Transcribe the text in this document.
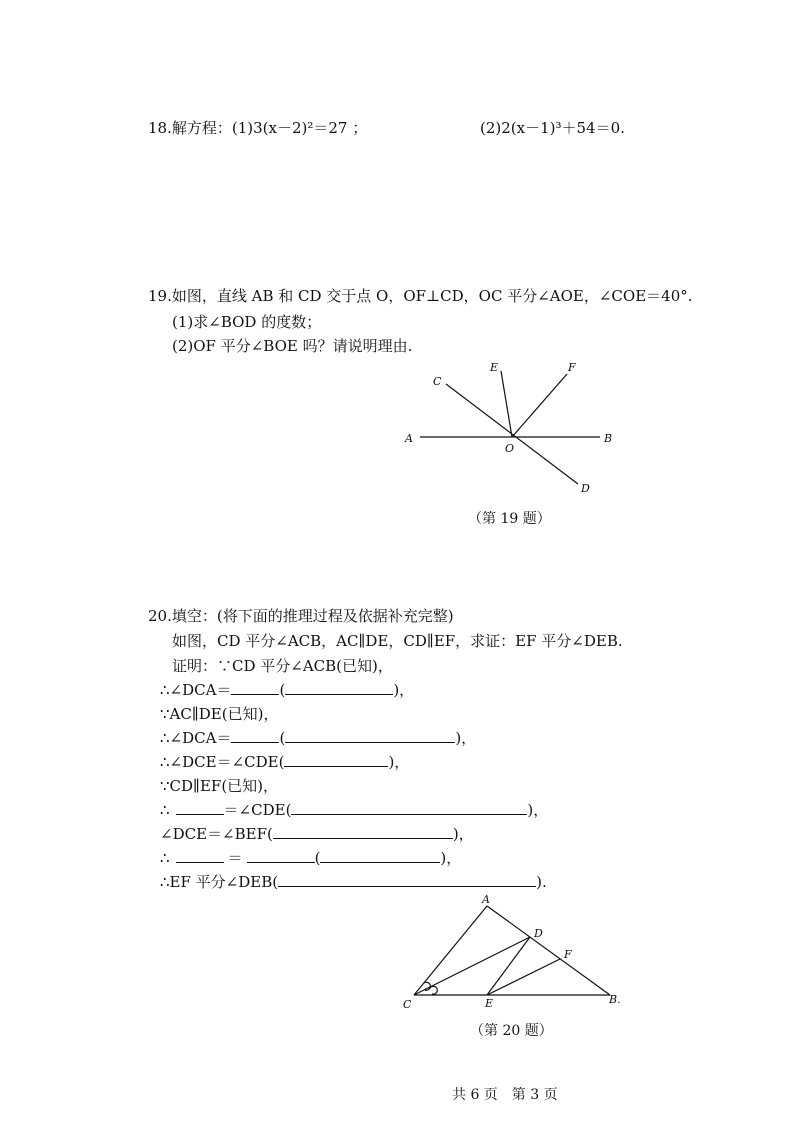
18.解方程：(1)3(x－2)²＝27 ；	(2)2(x－1)³＋54＝0.
19.如图，直线 AB 和 CD 交于点 O，OF⊥CD，OC 平分∠AOE，∠COE＝40°.
(1)求∠BOD 的度数；
(2)OF 平分∠BOE 吗？请说明理由.
C
E	F
A
O
B
D
（第 19 题）
20.填空：(将下面的推理过程及依据补充完整)
如图，CD 平分∠ACB，AC∥DE，CD∥EF，求证：EF 平分∠DEB.
证明：∵CD 平分∠ACB(已知)，
∴∠DCA＝	(	)，
∵AC∥DE(已知)，
∴∠DCA＝	(	)，
∴∠DCE＝∠CDE(	)，
∵CD∥EF(已知)，
∴	＝∠CDE(	)，
∠DCE＝∠BEF(	)，
∴	＝	(	)，
∴EF 平分∠DEB(	).
A
D
F
C	E	B.
（第 20 题）
共 6 页　第 3 页
